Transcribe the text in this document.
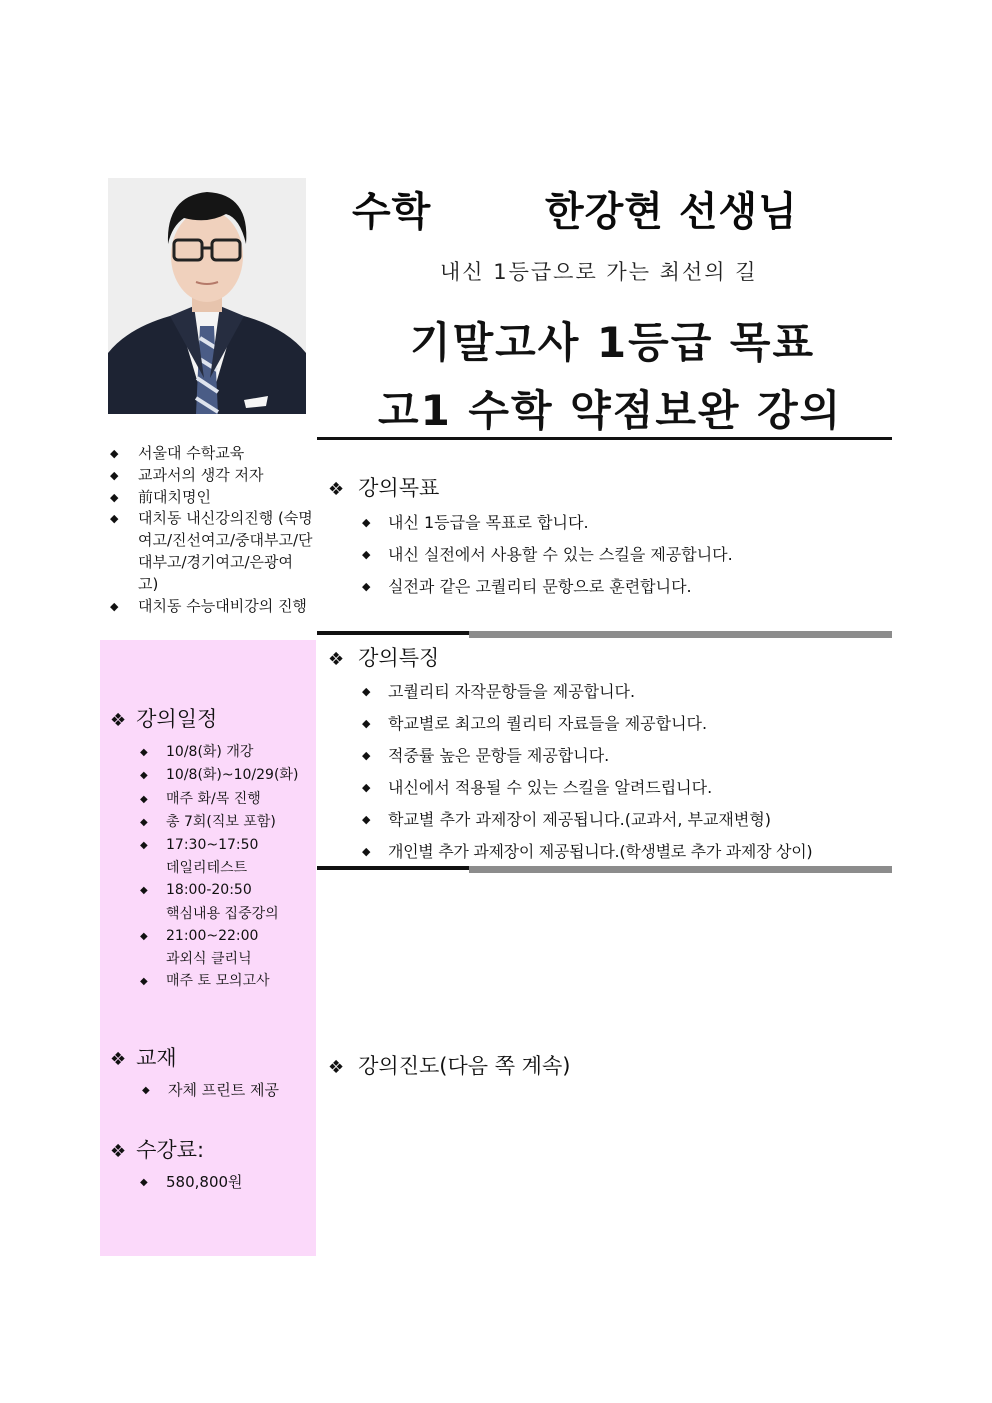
수학	한강현 선생님
내신 1등급으로 가는 최선의 길
기말고사 1등급 목표
고1 수학 약점보완 강의
◆ 서울대 수학교육
◆ 교과서의 생각 저자
◆ 前대치명인
◆ 대치동 내신강의진행 (숙명여고/진선여고/중대부고/단대부고/경기여고/은광여고)
◆ 대치동 수능대비강의 진행
❖ 강의일정
◆ 10/8(화) 개강
◆ 10/8(화)~10/29(화)
◆ 매주 화/목 진행
◆ 총 7회(직보 포함)
◆ 17:30~17:50
데일리테스트
◆ 18:00-20:50
핵심내용 집중강의
◆ 21:00~22:00
과외식 클리닉
◆ 매주 토 모의고사
❖ 교재
◆ 자체 프린트 제공
❖ 수강료:
◆ 580,800원
❖ 강의목표
◆ 내신 1등급을 목표로 합니다.
◆ 내신 실전에서 사용할 수 있는 스킬을 제공합니다.
◆ 실전과 같은 고퀄리티 문항으로 훈련합니다.
❖ 강의특징
◆ 고퀄리티 자작문항들을 제공합니다.
◆ 학교별로 최고의 퀄리티 자료들을 제공합니다.
◆ 적중률 높은 문항들 제공합니다.
◆ 내신에서 적용될 수 있는 스킬을 알려드립니다.
◆ 학교별 추가 과제장이 제공됩니다.(교과서, 부교재변형)
◆ 개인별 추가 과제장이 제공됩니다.(학생별로 추가 과제장 상이)
❖ 강의진도(다음 쪽 계속)
